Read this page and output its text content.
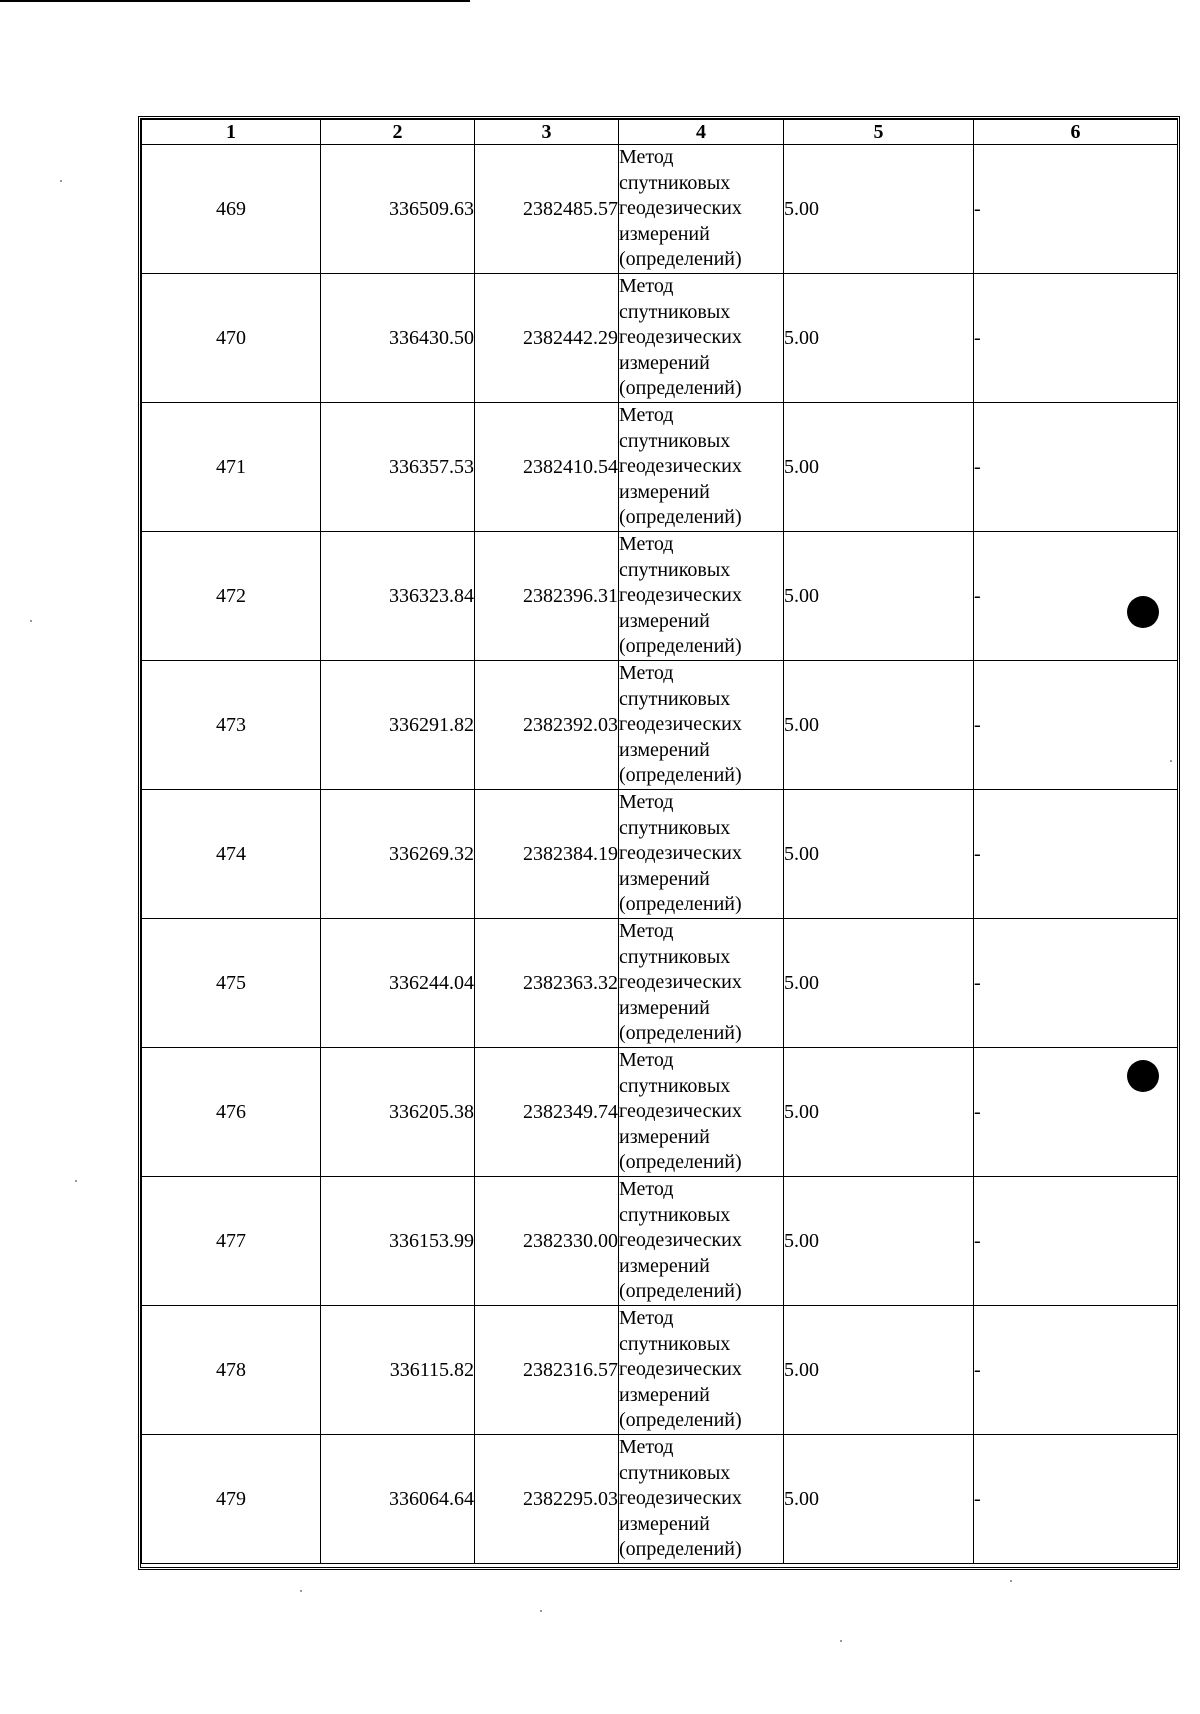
1	2	3	4	5	6
469	336509.63	2382485.57	Метод
спутниковых
геодезических
измерений
(определений)	5.00	-
470	336430.50	2382442.29	Метод
спутниковых
геодезических
измерений
(определений)	5.00	-
471	336357.53	2382410.54	Метод
спутниковых
геодезических
измерений
(определений)	5.00	-
472	336323.84	2382396.31	Метод
спутниковых
геодезических
измерений
(определений)	5.00	-
473	336291.82	2382392.03	Метод
спутниковых
геодезических
измерений
(определений)	5.00	-
474	336269.32	2382384.19	Метод
спутниковых
геодезических
измерений
(определений)	5.00	-
475	336244.04	2382363.32	Метод
спутниковых
геодезических
измерений
(определений)	5.00	-
476	336205.38	2382349.74	Метод
спутниковых
геодезических
измерений
(определений)	5.00	-
477	336153.99	2382330.00	Метод
спутниковых
геодезических
измерений
(определений)	5.00	-
478	336115.82	2382316.57	Метод
спутниковых
геодезических
измерений
(определений)	5.00	-
479	336064.64	2382295.03	Метод
спутниковых
геодезических
измерений
(определений)	5.00	-
